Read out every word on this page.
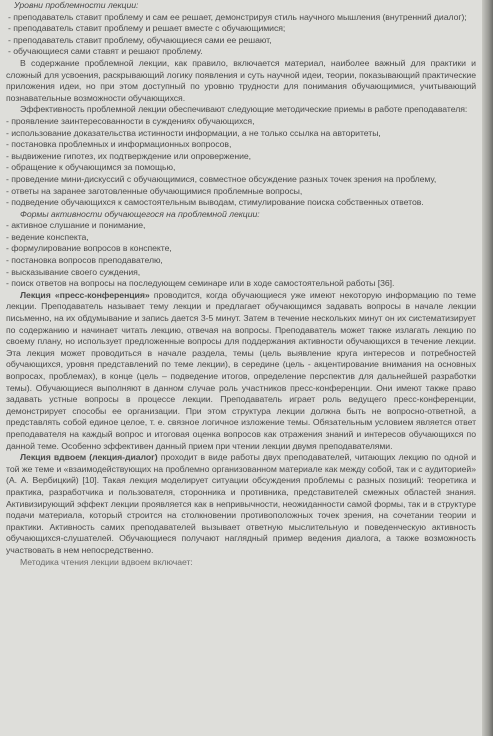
Уровни проблемности лекции:

- преподаватель ставит проблему и сам ее решает, демонстрируя стиль научного мышления (внутренний диалог);

- преподаватель ставит проблему и решает вместе с обучающимися;

- преподаватель ставит проблему, обучающиеся сами ее решают,

- обучающиеся сами ставят и решают проблему.

В содержание проблемной лекции, как правило, включается материал, наиболее важный для практики и сложный для усвоения, раскрывающий логику появления и суть научной идеи, теории, показывающий практические приложения идеи, но при этом доступный по уровню трудности для понимания обучающимися, учитывающий познавательные возможности обучающихся.

Эффективность проблемной лекции обеспечивают следующие методические приемы в работе преподавателя:

- проявление заинтересованности в суждениях обучающихся,

- использование доказательства истинности информации, а не только ссылка на авторитеты,

- постановка проблемных и информационных вопросов,

- выдвижение гипотез, их подтверждение или опровержение,

- обращение к обучающимся за помощью,

- проведение мини-дискуссий с обучающимися, совместное обсуждение разных точек зрения на проблему,

- ответы на заранее заготовленные обучающимися проблемные вопросы,

- подведение обучающихся к самостоятельным выводам, стимулирование поиска собственных ответов.

Формы активности обучающегося на проблемной лекции:

- активное слушание и понимание,

- ведение конспекта,

- формулирование вопросов в конспекте,

- постановка вопросов преподавателю,

- высказывание своего суждения,

- поиск ответов на вопросы на последующем семинаре или в ходе самостоятельной работы [36].

Лекция «пресс-конференция» проводится, когда обучающиеся уже имеют некоторую информацию по теме лекции. Преподаватель называет тему лекции и предлагает обучающимся задавать вопросы в начале лекции письменно, на их обдумывание и запись дается 3-5 минут. Затем в течение нескольких минут он их систематизирует по содержанию и начинает читать лекцию, отвечая на вопросы. Преподаватель может также излагать лекцию по своему плану, но использует предложенные вопросы для поддержания активности обучающихся в течение лекции. Эта лекция может проводиться в начале раздела, темы (цель выявление круга интересов и потребностей обучающихся, уровня представлений по теме лекции), в середине (цель - акцентирование внимания на основных вопросах, проблемах), в конце (цель – подведение итогов, определение перспектив для дальнейшей разработки темы). Обучающиеся выполняют в данном случае роль участников пресс-конференции. Они имеют также право задавать устные вопросы в процессе лекции. Преподаватель играет роль ведущего пресс-конференции, демонстрирует способы ее организации. При этом структура лекции должна быть не вопросно-ответной, а представлять собой единое целое, т. е. связное логичное изложение темы. Обязательным условием является ответ преподавателя на каждый вопрос и итоговая оценка вопросов как отражения знаний и интересов обучающихся по данной теме. Особенно эффективен данный прием при чтении лекции двумя преподавателями.

Лекция вдвоем (лекция-диалог) проходит в виде работы двух преподавателей, читающих лекцию по одной и той же теме и «взаимодействующих на проблемно организованном материале как между собой, так и с аудиторией» (А. А. Вербицкий) [10]. Такая лекция моделирует ситуации обсуждения проблемы с разных позиций: теоретика и практика, разработчика и пользователя, сторонника и противника, представителей смежных областей знания. Активизирующий эффект лекции проявляется как в непривычности, неожиданности самой формы, так и в структуре подачи материала, который строится на столкновении противоположных точек зрения, на сочетании теории и практики. Активность самих преподавателей вызывает ответную мыслительную и поведенческую активность обучающихся-слушателей. Обучающиеся получают наглядный пример ведения диалога, а также возможность участвовать в нем непосредственно.

Методика чтения лекции вдвоем включает:
